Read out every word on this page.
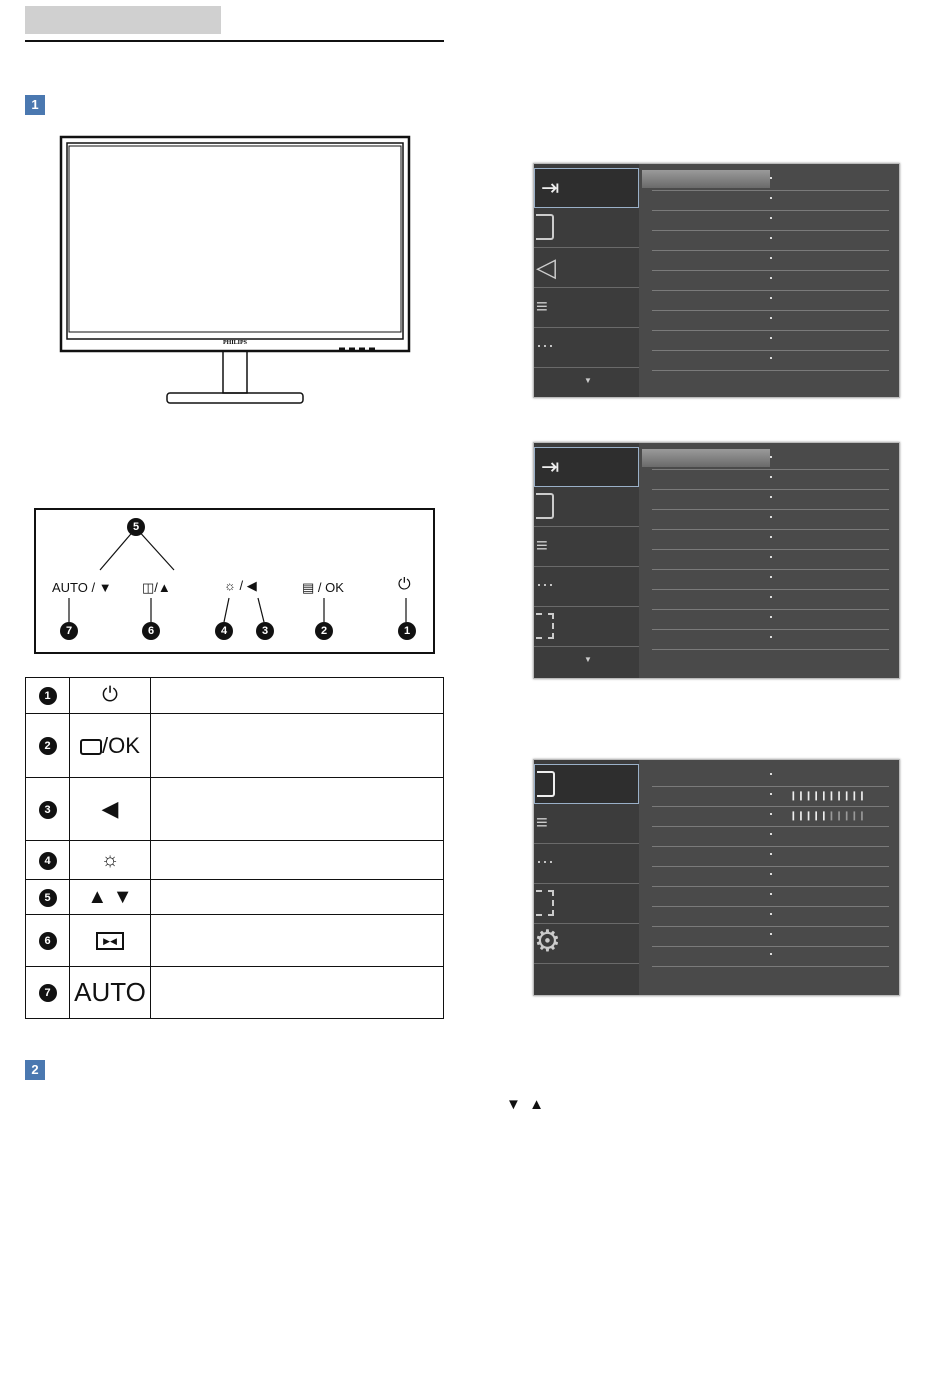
1
PHILIPS
5
AUTO / ▼ ◫/▲	☼ / ◀	▤ / OK	⏻
7	6	4	3	2	1
1	⏻	
2	/OK	
3	◀	
4	☼	
5	▲ ▼	
6	▶◀	
7	AUTO	
2
⇥
◁
≡
⋯
▼
⇥
≡
⋯
▼
≡
⋯
⚙
❙❙❙❙❙❙❙❙❙❙
❙❙❙❙❙❙❙❙❙❙
▼  ▲
